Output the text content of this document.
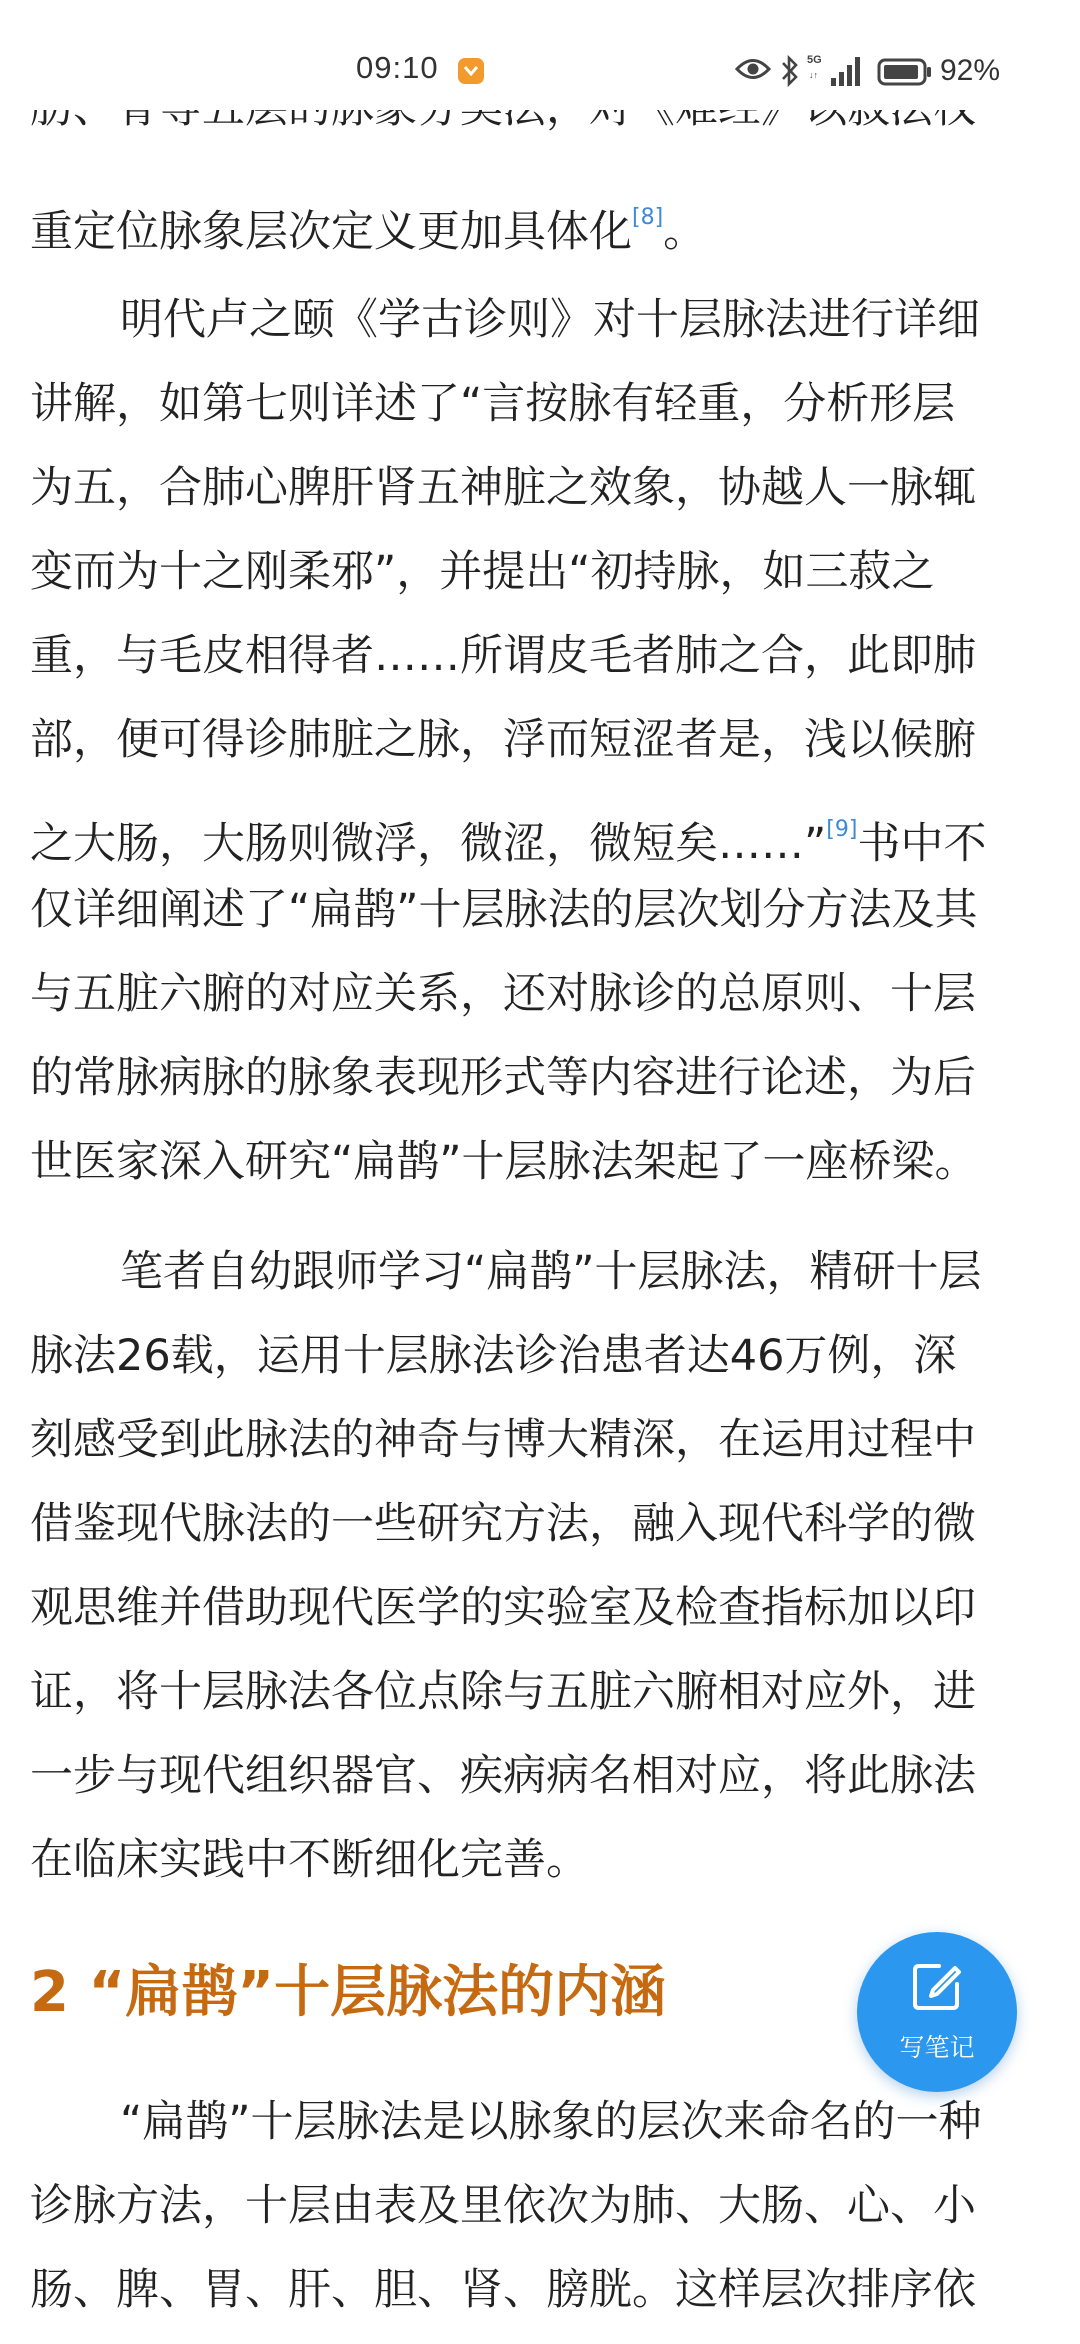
09:10	5G
↓↑	92%
重定位脉象层次定义更加具体化[8]。
明代卢之颐《学古诊则》对十层脉法进行详细
讲解，如第七则详述了“言按脉有轻重，分析形层
为五，合肺心脾肝肾五神脏之效象，协越人一脉辄
变而为十之刚柔邪”，并提出“初持脉，如三菽之
重，与毛皮相得者……所谓皮毛者肺之合，此即肺
部，便可得诊肺脏之脉，浮而短涩者是，浅以候腑
之大肠，大肠则微浮，微涩，微短矣……”[9]书中不
仅详细阐述了“扁鹊”十层脉法的层次划分方法及其
与五脏六腑的对应关系，还对脉诊的总原则、十层
的常脉病脉的脉象表现形式等内容进行论述，为后
世医家深入研究“扁鹊”十层脉法架起了一座桥梁。
笔者自幼跟师学习“扁鹊”十层脉法，精研十层
脉法26载，运用十层脉法诊治患者达46万例，深
刻感受到此脉法的神奇与博大精深，在运用过程中
借鉴现代脉法的一些研究方法，融入现代科学的微
观思维并借助现代医学的实验室及检查指标加以印
证，将十层脉法各位点除与五脏六腑相对应外，进
一步与现代组织器官、疾病病名相对应，将此脉法
在临床实践中不断细化完善。
2 “扁鹊”十层脉法的内涵
“扁鹊”十层脉法是以脉象的层次来命名的一种
诊脉方法，十层由表及里依次为肺、大肠、心、小
肠、脾、胃、肝、胆、肾、膀胱。这样层次排序依
写笔记
